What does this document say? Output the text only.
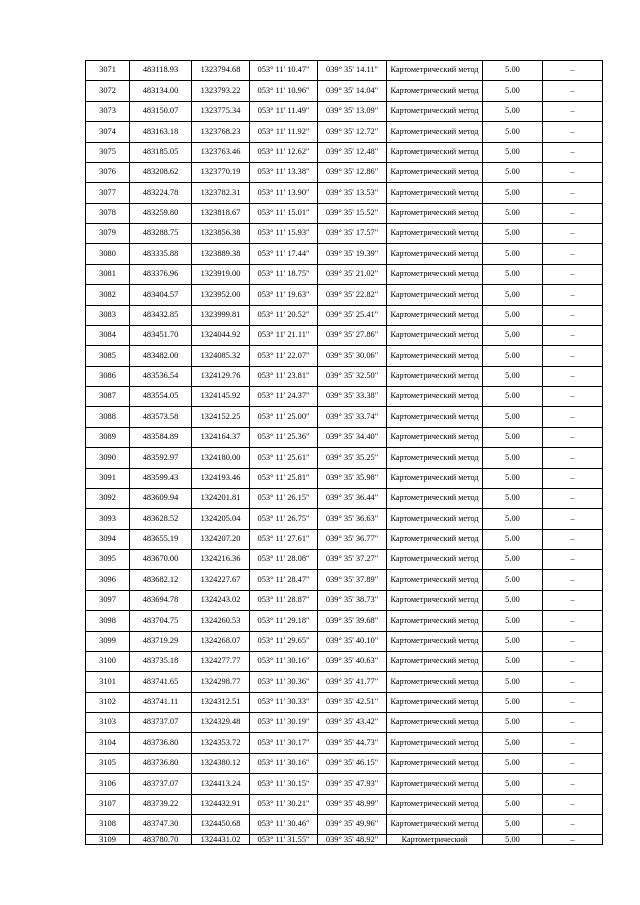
3071	483118.93	1323794.68	053° 11' 10.47"	039° 35' 14.11"	Картометрический метод	5.00	–
3072	483134.00	1323793.22	053° 11' 10.96"	039° 35' 14.04"	Картометрический метод	5.00	–
3073	483150.07	1323775.34	053° 11' 11.49"	039° 35' 13.09"	Картометрический метод	5.00	–
3074	483163.18	1323768.23	053° 11' 11.92"	039° 35' 12.72"	Картометрический метод	5.00	–
3075	483185.05	1323763.46	053° 11' 12.62"	039° 35' 12.48"	Картометрический метод	5.00	–
3076	483208.62	1323770.19	053° 11' 13.38"	039° 35' 12.86"	Картометрический метод	5.00	–
3077	483224.78	1323782.31	053° 11' 13.90"	039° 35' 13.53"	Картометрический метод	5.00	–
3078	483259.80	1323818.67	053° 11' 15.01"	039° 35' 15.52"	Картометрический метод	5.00	–
3079	483288.75	1323856.38	053° 11' 15.93"	039° 35' 17.57"	Картометрический метод	5.00	–
3080	483335.88	1323889.38	053° 11' 17.44"	039° 35' 19.39"	Картометрический метод	5.00	–
3081	483376.96	1323919.00	053° 11' 18.75"	039° 35' 21.02"	Картометрический метод	5.00	–
3082	483404.57	1323952.00	053° 11' 19.63"	039° 35' 22.82"	Картометрический метод	5.00	–
3083	483432.85	1323999.81	053° 11' 20.52"	039° 35' 25.41"	Картометрический метод	5.00	–
3084	483451.70	1324044.92	053° 11' 21.11"	039° 35' 27.86"	Картометрический метод	5.00	–
3085	483482.00	1324085.32	053° 11' 22.07"	039° 35' 30.06"	Картометрический метод	5.00	–
3086	483536.54	1324129.76	053° 11' 23.81"	039° 35' 32.50"	Картометрический метод	5.00	–
3087	483554.05	1324145.92	053° 11' 24.37"	039° 35' 33.38"	Картометрический метод	5.00	–
3088	483573.58	1324152.25	053° 11' 25.00"	039° 35' 33.74"	Картометрический метод	5.00	–
3089	483584.89	1324164.37	053° 11' 25.36"	039° 35' 34.40"	Картометрический метод	5.00	–
3090	483592.97	1324180.00	053° 11' 25.61"	039° 35' 35.25"	Картометрический метод	5.00	–
3091	483599.43	1324193.46	053° 11' 25.81"	039° 35' 35.98"	Картометрический метод	5.00	–
3092	483609.94	1324201.81	053° 11' 26.15"	039° 35' 36.44"	Картометрический метод	5.00	–
3093	483628.52	1324205.04	053° 11' 26.75"	039° 35' 36.63"	Картометрический метод	5.00	–
3094	483655.19	1324207.20	053° 11' 27.61"	039° 35' 36.77"	Картометрический метод	5.00	–
3095	483670.00	1324216.36	053° 11' 28.08"	039° 35' 37.27"	Картометрический метод	5.00	–
3096	483682.12	1324227.67	053° 11' 28.47"	039° 35' 37.89"	Картометрический метод	5.00	–
3097	483694.78	1324243.02	053° 11' 28.87"	039° 35' 38.73"	Картометрический метод	5.00	–
3098	483704.75	1324260.53	053° 11' 29.18"	039° 35' 39.68"	Картометрический метод	5.00	–
3099	483719.29	1324268.07	053° 11' 29.65"	039° 35' 40.10"	Картометрический метод	5.00	–
3100	483735.18	1324277.77	053° 11' 30.16"	039° 35' 40.63"	Картометрический метод	5.00	–
3101	483741.65	1324298.77	053° 11' 30.36"	039° 35' 41.77"	Картометрический метод	5.00	–
3102	483741.11	1324312.51	053° 11' 30.33"	039° 35' 42.51"	Картометрический метод	5.00	–
3103	483737.07	1324329.48	053° 11' 30.19"	039° 35' 43.42"	Картометрический метод	5.00	–
3104	483736.80	1324353.72	053° 11' 30.17"	039° 35' 44.73"	Картометрический метод	5.00	–
3105	483736.80	1324380.12	053° 11' 30.16"	039° 35' 46.15"	Картометрический метод	5.00	–
3106	483737.07	1324413.24	053° 11' 30.15"	039° 35' 47.93"	Картометрический метод	5.00	–
3107	483739.22	1324432.91	053° 11' 30.21"	039° 35' 48.99"	Картометрический метод	5.00	–
3108	483747.30	1324450.68	053° 11' 30.46"	039° 35' 49.96"	Картометрический метод	5.00	–
3109	483780.70	1324431.02	053° 11' 31.55"	039° 35' 48.92"	Картометрический	5.00	–
